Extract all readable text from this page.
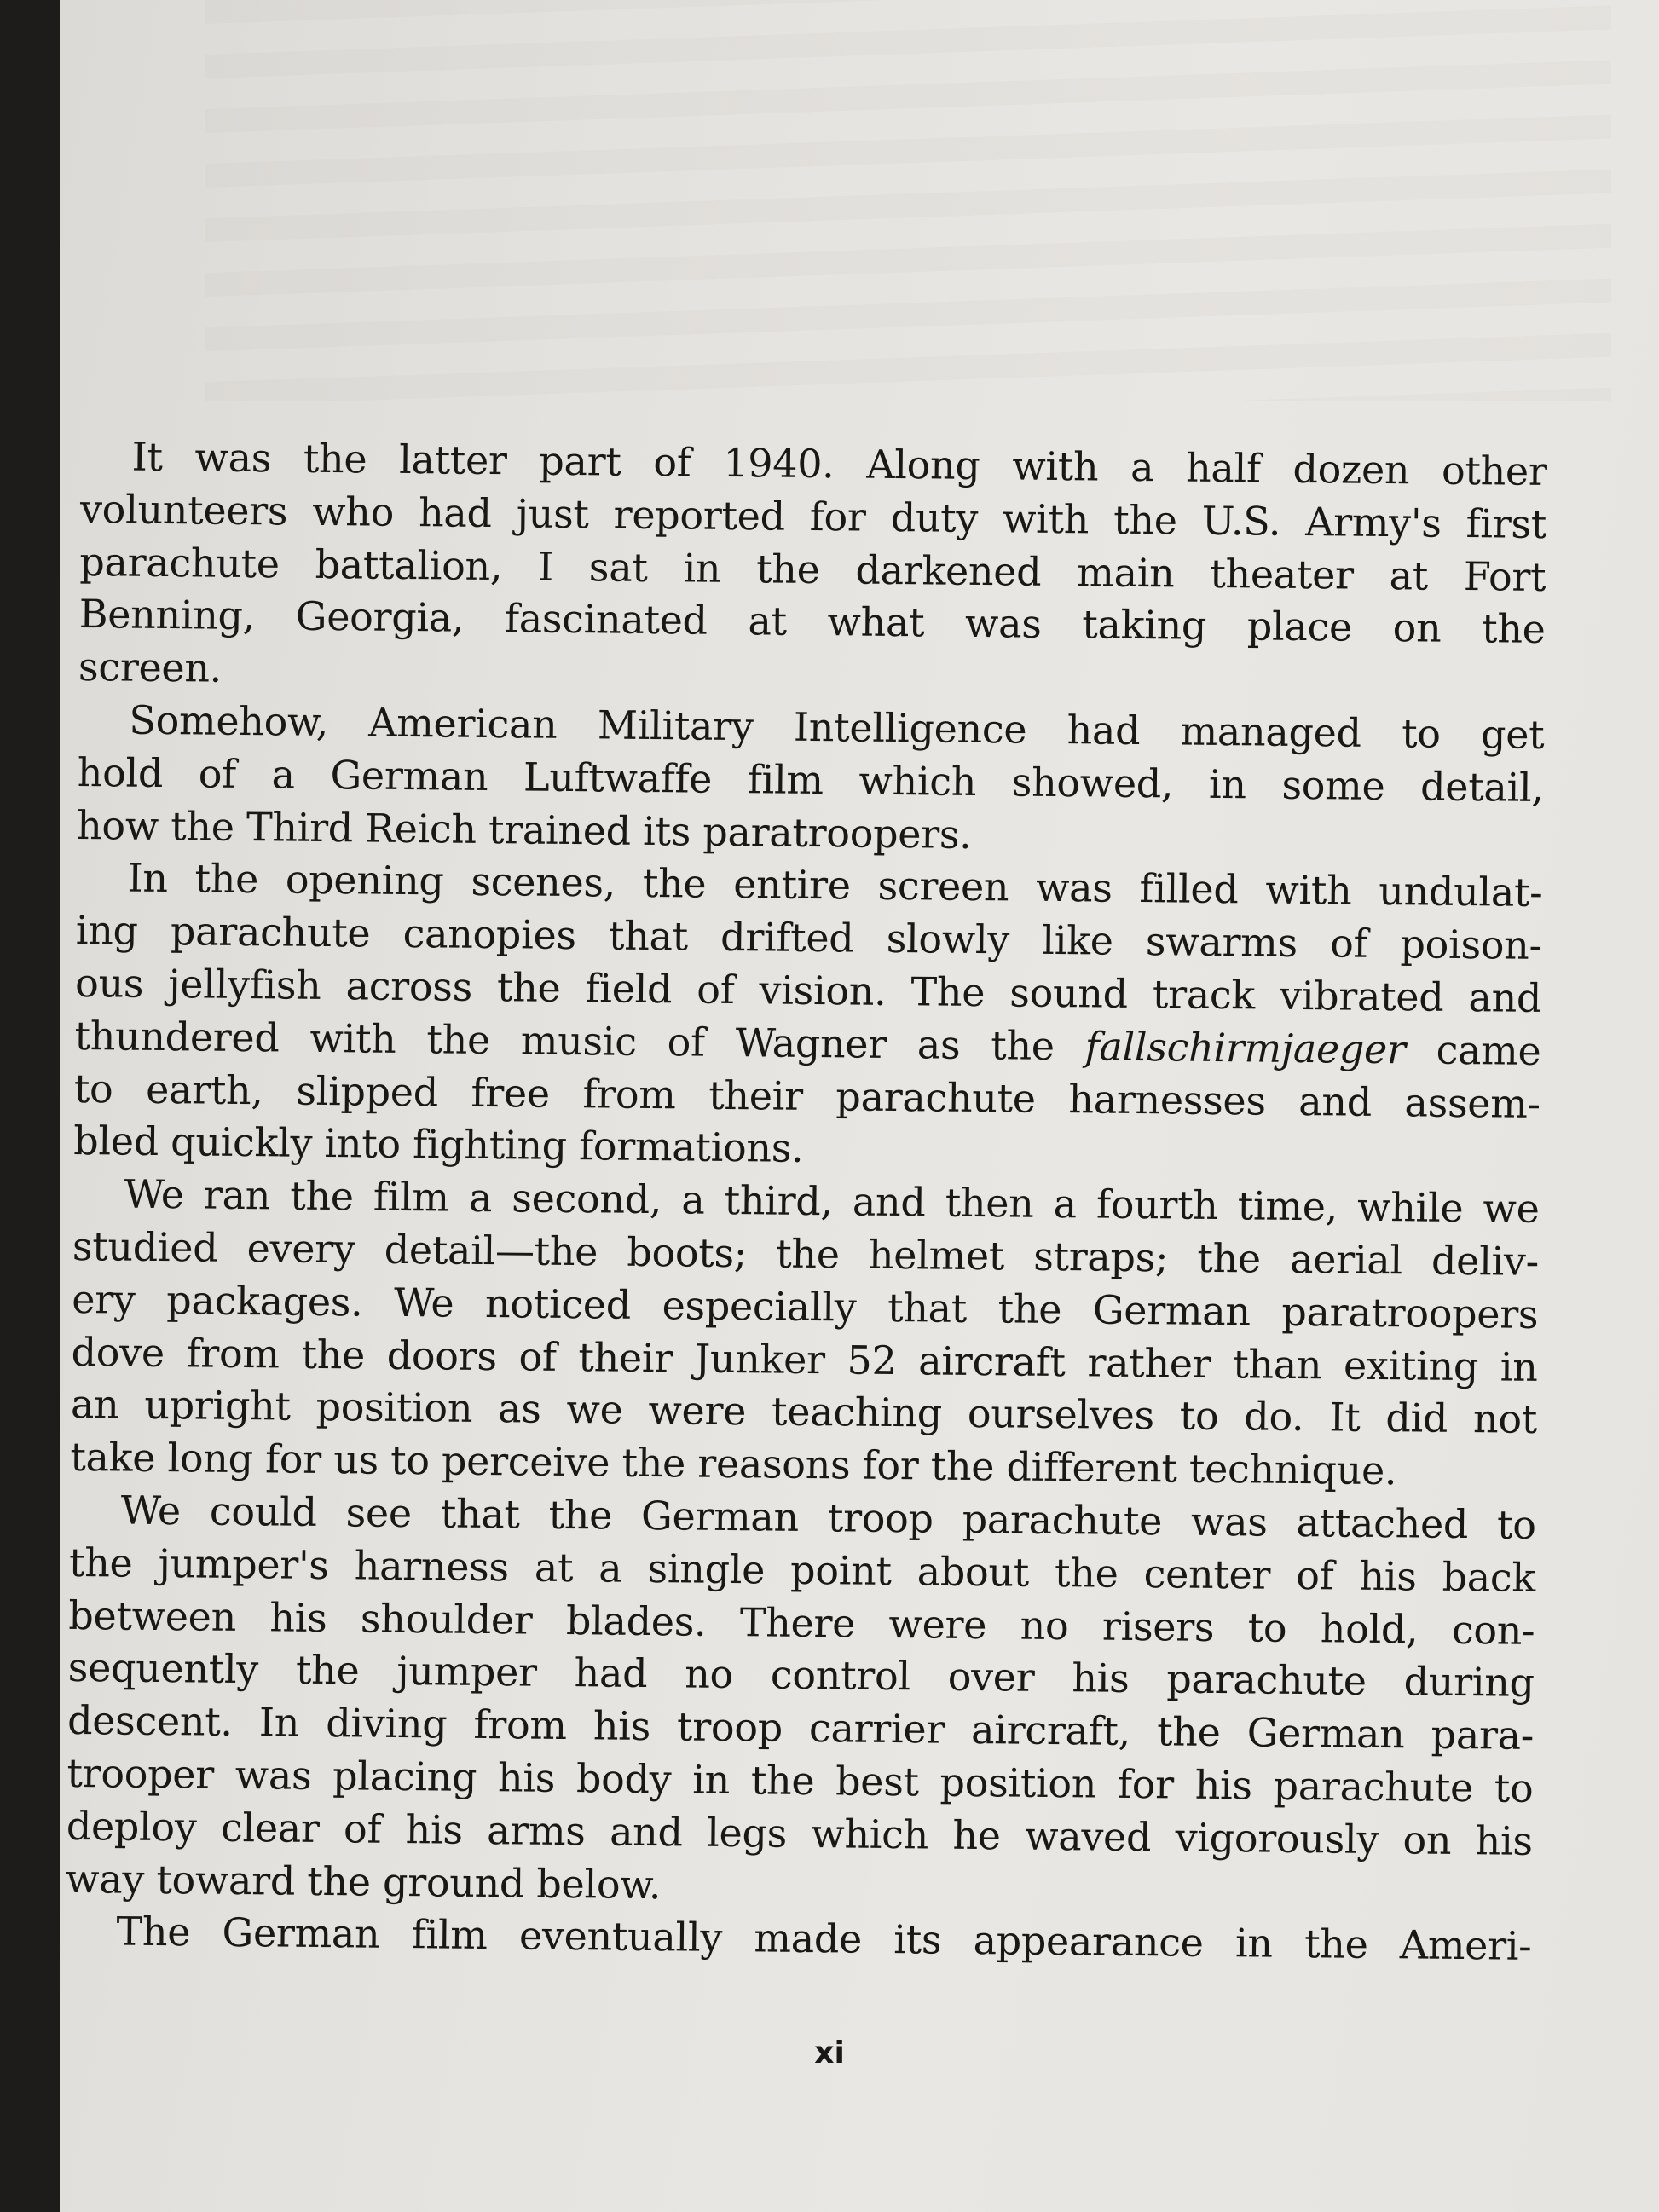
It was the latter part of 1940. Along with a half dozen other
volunteers who had just reported for duty with the U.S. Army's first
parachute battalion, I sat in the darkened main theater at Fort
Benning, Georgia, fascinated at what was taking place on the
screen.
Somehow, American Military Intelligence had managed to get
hold of a German Luftwaffe film which showed, in some detail,
how the Third Reich trained its paratroopers.
In the opening scenes, the entire screen was filled with undulat-
ing parachute canopies that drifted slowly like swarms of poison-
ous jellyfish across the field of vision. The sound track vibrated and
thundered with the music of Wagner as the fallschirmjaeger came
to earth, slipped free from their parachute harnesses and assem-
bled quickly into fighting formations.
We ran the film a second, a third, and then a fourth time, while we
studied every detail—the boots; the helmet straps; the aerial deliv-
ery packages. We noticed especially that the German paratroopers
dove from the doors of their Junker 52 aircraft rather than exiting in
an upright position as we were teaching ourselves to do. It did not
take long for us to perceive the reasons for the different technique.
We could see that the German troop parachute was attached to
the jumper's harness at a single point about the center of his back
between his shoulder blades. There were no risers to hold, con-
sequently the jumper had no control over his parachute during
descent. In diving from his troop carrier aircraft, the German para-
trooper was placing his body in the best position for his parachute to
deploy clear of his arms and legs which he waved vigorously on his
way toward the ground below.
The German film eventually made its appearance in the Ameri-
xi
